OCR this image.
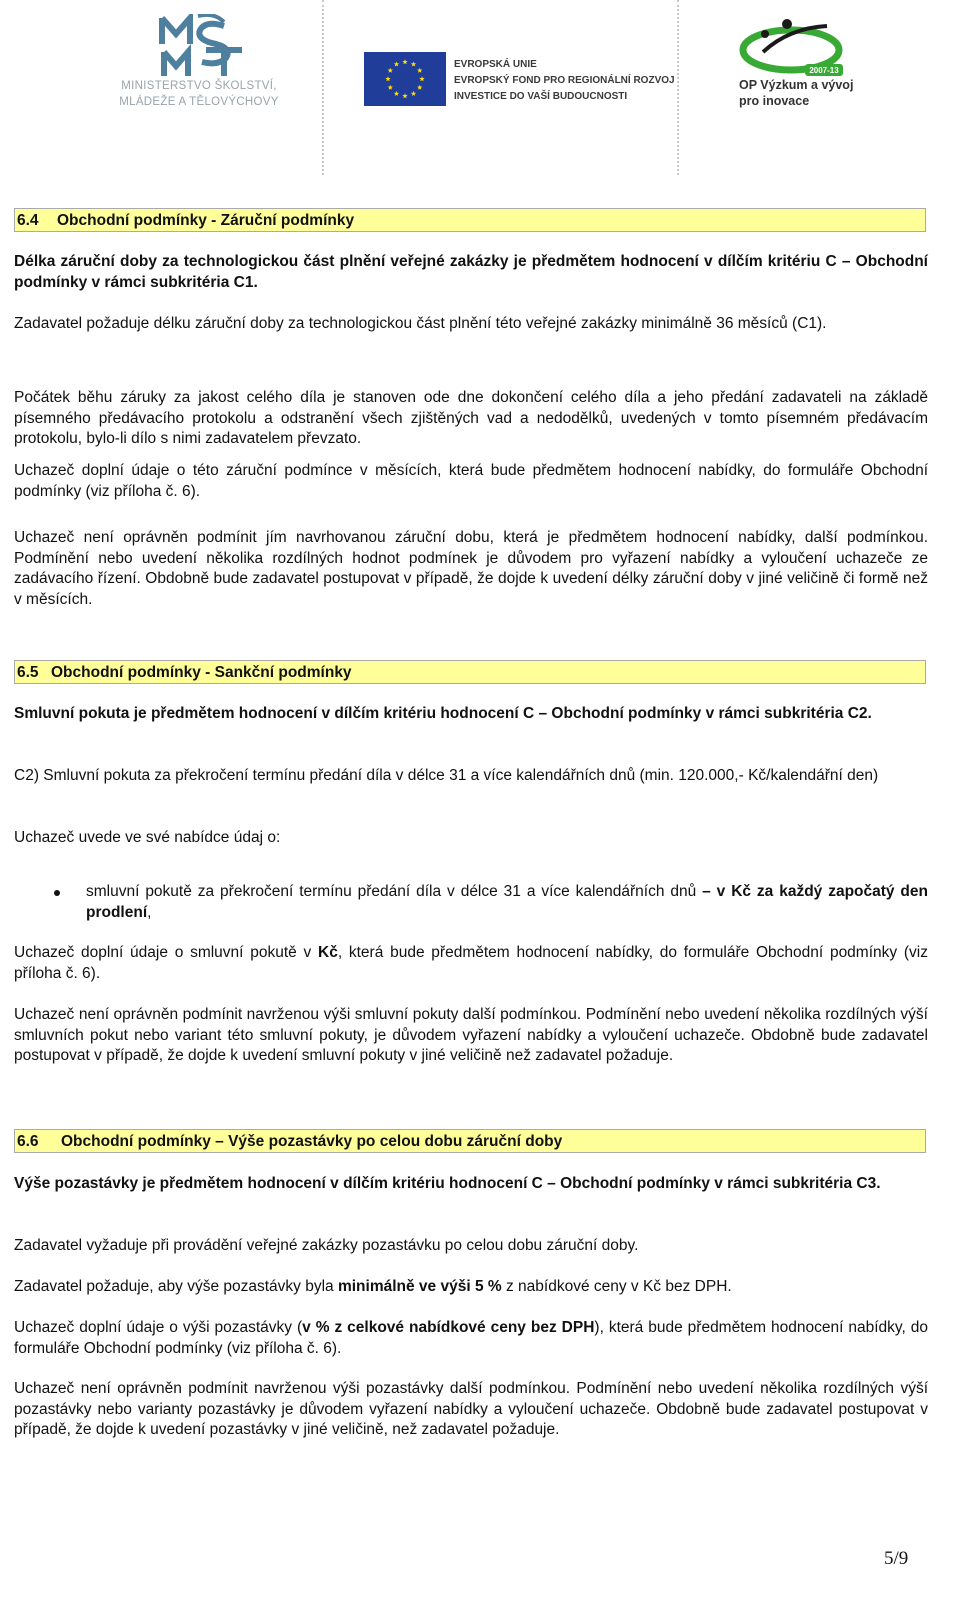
MINISTERSTVO ŠKOLSTVÍ,
MLÁDEŽE A TĚLOVÝCHOVY
EVROPSKÁ UNIE
EVROPSKÝ FOND PRO REGIONÁLNÍ ROZVOJ
INVESTICE DO VAŠÍ BUDOUCNOSTI
2007-13
OP Výzkum a vývoj
pro inovace
6.4 Obchodní podmínky - Záruční podmínky

Délka záruční doby za technologickou část plnění veřejné zakázky je předmětem hodnocení v dílčím kritériu C – Obchodní podmínky v rámci subkritéria C1.

Zadavatel požaduje délku záruční doby za technologickou část plnění této veřejné zakázky minimálně 36 měsíců (C1).

Počátek běhu záruky za jakost celého díla je stanoven ode dne dokončení celého díla a jeho předání zadavateli na základě písemného předávacího protokolu a odstranění všech zjištěných vad a nedodělků, uvedených v tomto písemném předávacím protokolu, bylo-li dílo s nimi zadavatelem převzato.

Uchazeč doplní údaje o této záruční podmínce v měsících, která bude předmětem hodnocení nabídky, do formuláře Obchodní podmínky (viz příloha č. 6).

Uchazeč není oprávněn podmínit jím navrhovanou záruční dobu, která je předmětem hodnocení nabídky, další podmínkou. Podmínění nebo uvedení několika rozdílných hodnot podmínek je důvodem pro vyřazení nabídky a vyloučení uchazeče ze zadávacího řízení. Obdobně bude zadavatel postupovat v případě, že dojde k uvedení délky záruční doby v jiné veličině či formě než v měsících.

6.5 Obchodní podmínky - Sankční podmínky

Smluvní pokuta je předmětem hodnocení v dílčím kritériu hodnocení C – Obchodní podmínky v rámci subkritéria C2.

C2) Smluvní pokuta za překročení termínu předání díla v délce 31 a více kalendářních dnů (min. 120.000,- Kč/kalendářní den)

Uchazeč uvede ve své nabídce údaj o:

smluvní pokutě za překročení termínu předání díla v délce 31 a více kalendářních dnů – v Kč za každý započatý den prodlení,

Uchazeč doplní údaje o smluvní pokutě v Kč, která bude předmětem hodnocení nabídky, do formuláře Obchodní podmínky (viz příloha č. 6).

Uchazeč není oprávněn podmínit navrženou výši smluvní pokuty další podmínkou. Podmínění nebo uvedení několika rozdílných výší smluvních pokut nebo variant této smluvní pokuty, je důvodem vyřazení nabídky a vyloučení uchazeče. Obdobně bude zadavatel postupovat v případě, že dojde k uvedení smluvní pokuty v jiné veličině než zadavatel požaduje.

6.6 Obchodní podmínky – Výše pozastávky po celou dobu záruční doby

Výše pozastávky je předmětem hodnocení v dílčím kritériu hodnocení C – Obchodní podmínky v rámci subkritéria C3.

Zadavatel vyžaduje při provádění veřejné zakázky pozastávku po celou dobu záruční doby.

Zadavatel požaduje, aby výše pozastávky byla minimálně ve výši 5 % z nabídkové ceny v Kč bez DPH.

Uchazeč doplní údaje o výši pozastávky (v % z celkové nabídkové ceny bez DPH), která bude předmětem hodnocení nabídky, do formuláře Obchodní podmínky (viz příloha č. 6).

Uchazeč není oprávněn podmínit navrženou výši pozastávky další podmínkou. Podmínění nebo uvedení několika rozdílných výší pozastávky nebo varianty pozastávky je důvodem vyřazení nabídky a vyloučení uchazeče. Obdobně bude zadavatel postupovat v případě, že dojde k uvedení pozastávky v jiné veličině, než zadavatel požaduje.

5/9
